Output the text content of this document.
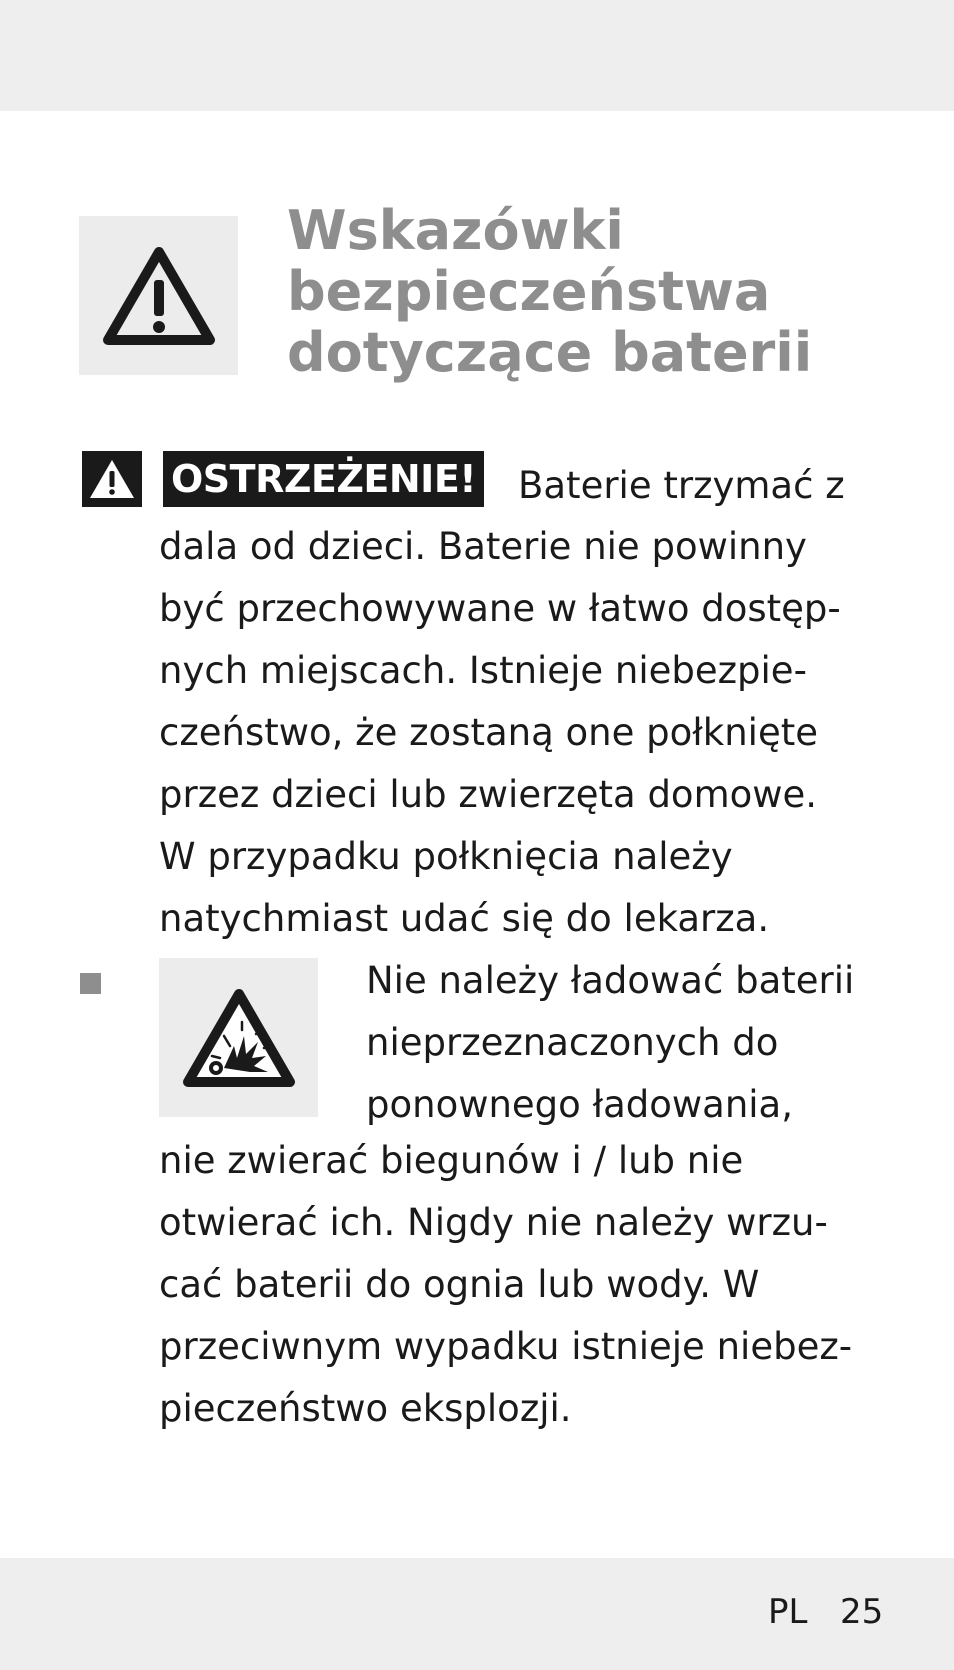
Wskazówki
bezpieczeństwa
dotyczące baterii
OSTRZEŻENIE! Baterie trzymać z
dala od dzieci. Baterie nie powinny
być przechowywane w łatwo dostęp-
nych miejscach. Istnieje niebezpie-
czeństwo, że zostaną one połknięte
przez dzieci lub zwierzęta domowe.
W przypadku połknięcia należy
natychmiast udać się do lekarza.
Nie należy ładować baterii
nieprzeznaczonych do
ponownego ładowania,
nie zwierać biegunów i / lub nie
otwierać ich. Nigdy nie należy wrzu-
cać baterii do ognia lub wody. W
przeciwnym wypadku istnieje niebez-
pieczeństwo eksplozji.
PL 25
